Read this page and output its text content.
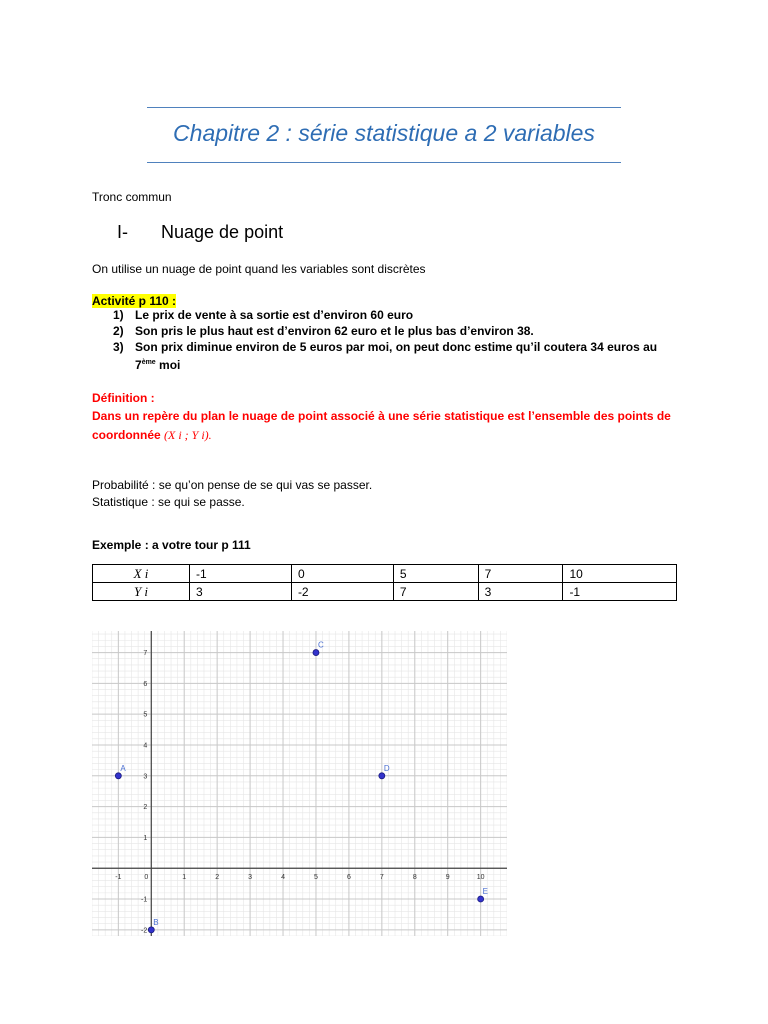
Chapitre 2 : série statistique a 2 variables
Tronc commun
I- Nuage de point
On utilise un nuage de point quand les variables sont discrètes
Activité p 110 :
1) Le prix de vente à sa sortie est d’environ 60 euro
2) Son pris le plus haut est d’environ 62 euro et le plus bas d’environ 38.
3) Son prix diminue environ de 5 euros par moi, on peut donc estime qu’il coutera 34 euros au
7ème moi
Définition :
Dans un repère du plan le nuage de point associé à une série statistique est l’ensemble des points de coordonnée (X i ; Y i).
Probabilité : se qu’on pense de se qui vas se passer.
Statistique : se qui se passe.
Exemple : a votre tour p 111
X i	-1	0	5	7	10
Y i	3	-2	7	3	-1
-1	0	1	2	3	4	5	6	7	8	9	10
-2
-1
1
2
3
4
5
6
7
A
B
C
D
E
